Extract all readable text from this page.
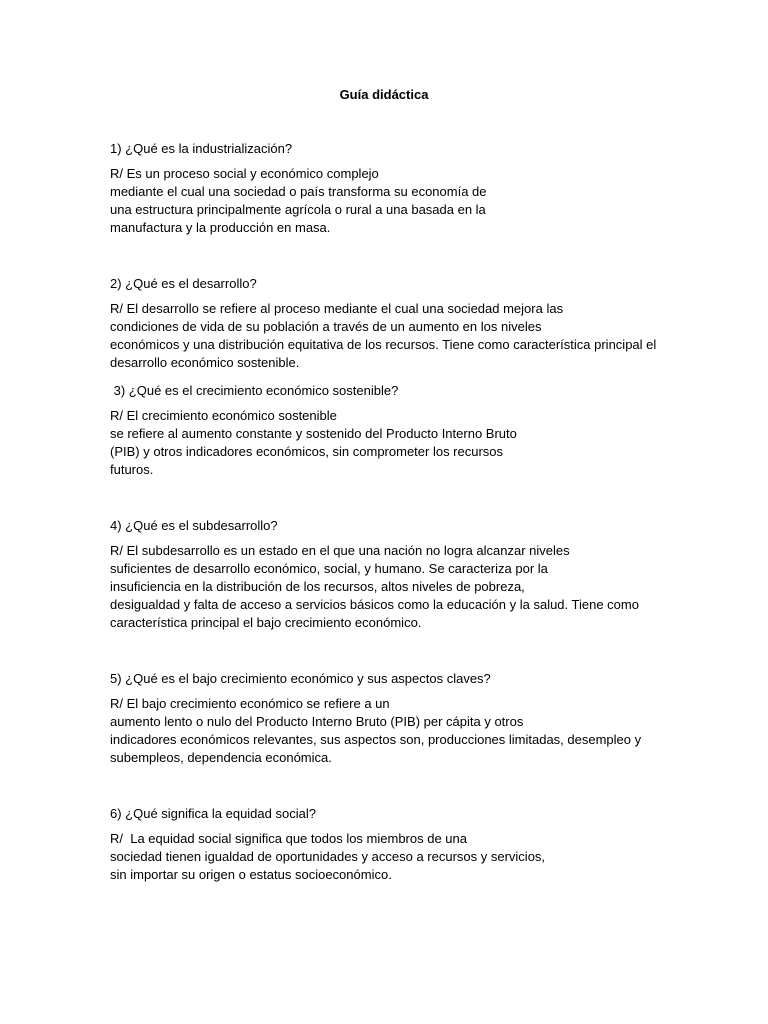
Guía didáctica
1) ¿Qué es la industrialización?
R/ Es un proceso social y económico complejo
mediante el cual una sociedad o país transforma su economía de
una estructura principalmente agrícola o rural a una basada en la
manufactura y la producción en masa.
2) ¿Qué es el desarrollo?
R/ El desarrollo se refiere al proceso mediante el cual una sociedad mejora las
condiciones de vida de su población a través de un aumento en los niveles
económicos y una distribución equitativa de los recursos. Tiene como característica principal el
desarrollo económico sostenible.
3) ¿Qué es el crecimiento económico sostenible?
R/ El crecimiento económico sostenible
se refiere al aumento constante y sostenido del Producto Interno Bruto
(PIB) y otros indicadores económicos, sin comprometer los recursos
futuros.
4) ¿Qué es el subdesarrollo?
R/ El subdesarrollo es un estado en el que una nación no logra alcanzar niveles
suficientes de desarrollo económico, social, y humano. Se caracteriza por la
insuficiencia en la distribución de los recursos, altos niveles de pobreza,
desigualdad y falta de acceso a servicios básicos como la educación y la salud. Tiene como
característica principal el bajo crecimiento económico.
5) ¿Qué es el bajo crecimiento económico y sus aspectos claves?
R/ El bajo crecimiento económico se refiere a un
aumento lento o nulo del Producto Interno Bruto (PIB) per cápita y otros
indicadores económicos relevantes, sus aspectos son, producciones limitadas, desempleo y
subempleos, dependencia económica.
6) ¿Qué significa la equidad social?
R/  La equidad social significa que todos los miembros de una
sociedad tienen igualdad de oportunidades y acceso a recursos y servicios,
sin importar su origen o estatus socioeconómico.
